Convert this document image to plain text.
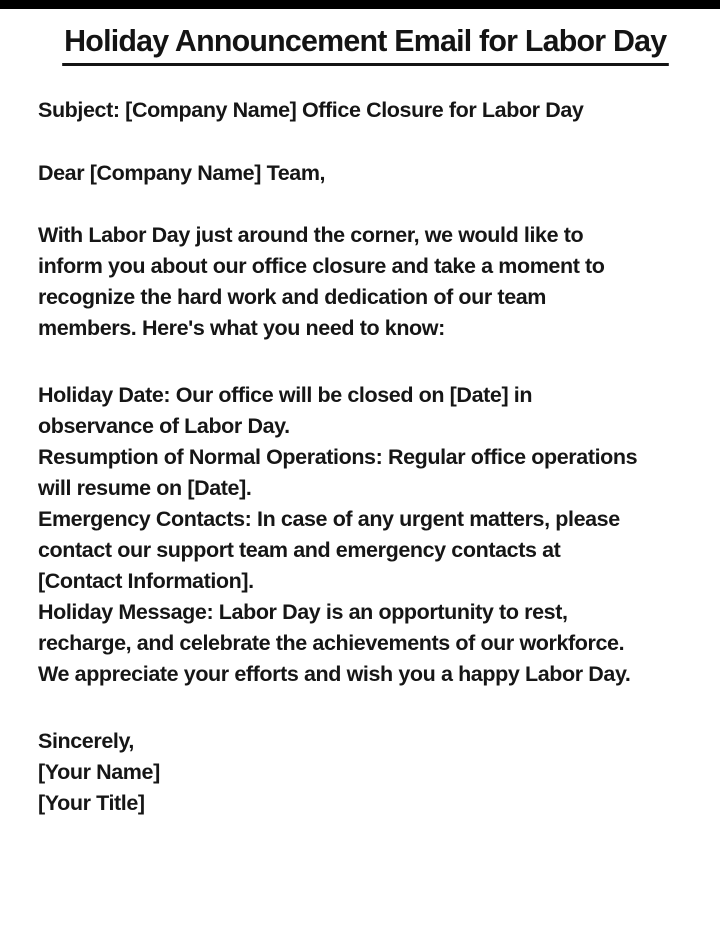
Holiday Announcement Email for Labor Day
Subject: [Company Name] Office Closure for Labor Day
Dear [Company Name] Team,
With Labor Day just around the corner, we would like to
inform you about our office closure and take a moment to
recognize the hard work and dedication of our team
members. Here's what you need to know:
Holiday Date: Our office will be closed on [Date] in
observance of Labor Day.
Resumption of Normal Operations: Regular office operations
will resume on [Date].
Emergency Contacts: In case of any urgent matters, please
contact our support team and emergency contacts at
[Contact Information].
Holiday Message: Labor Day is an opportunity to rest,
recharge, and celebrate the achievements of our workforce.
We appreciate your efforts and wish you a happy Labor Day.
Sincerely,
[Your Name]
[Your Title]
